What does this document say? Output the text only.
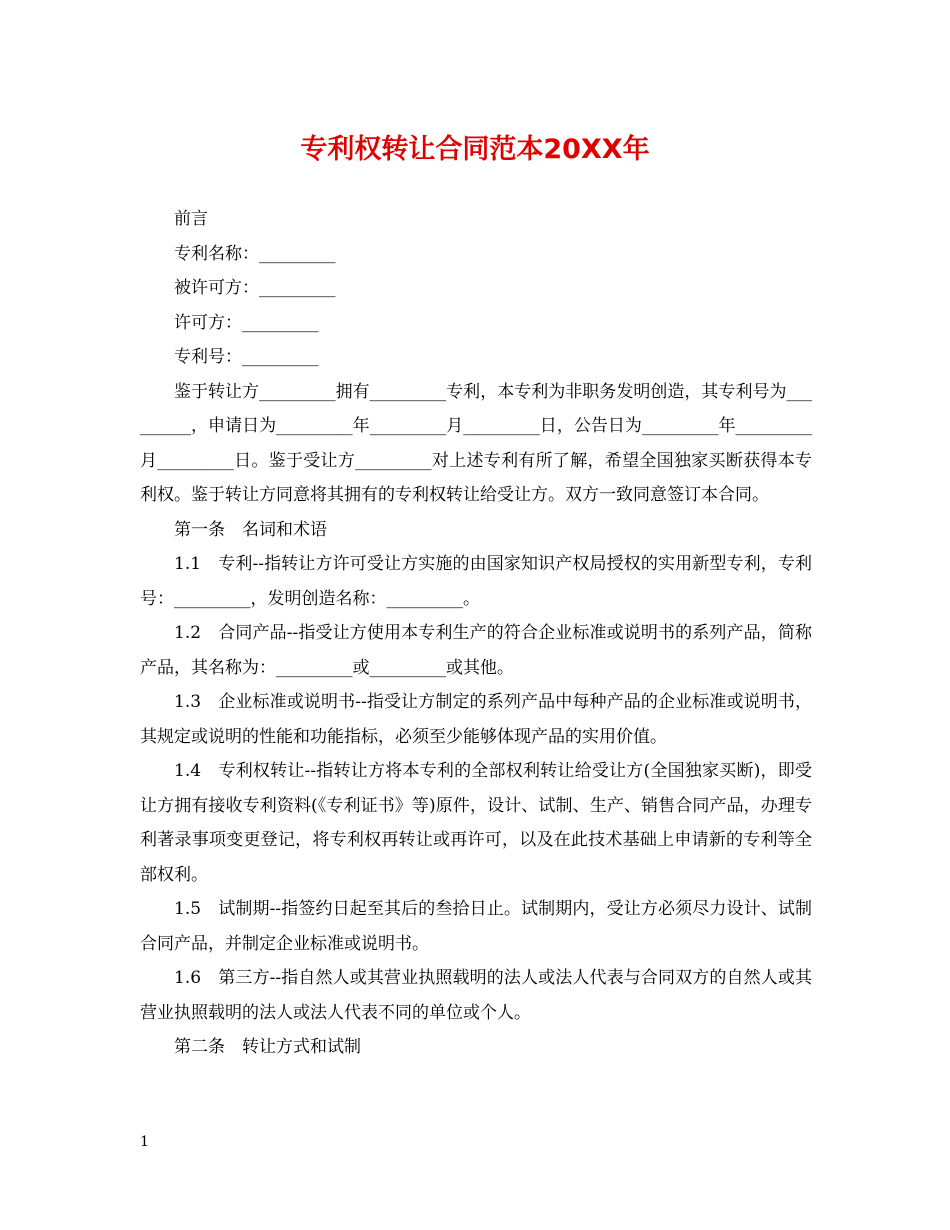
专利权转让合同范本20XX年

前言

专利名称：_________

被许可方：_________

许可方：_________

专利号：_________

鉴于转让方_________拥有_________专利，本专利为非职务发明创造，其专利号为_________，申请日为_________年_________月_________日，公告日为_________年_________月_________日。鉴于受让方_________对上述专利有所了解，希望全国独家买断获得本专利权。鉴于转让方同意将其拥有的专利权转让给受让方。双方一致同意签订本合同。

第一条　名词和术语

1.1　专利--指转让方许可受让方实施的由国家知识产权局授权的实用新型专利，专利号：_________，发明创造名称：_________。

1.2　合同产品--指受让方使用本专利生产的符合企业标准或说明书的系列产品，简称产品，其名称为：_________或_________或其他。

1.3　企业标准或说明书--指受让方制定的系列产品中每种产品的企业标准或说明书，其规定或说明的性能和功能指标，必须至少能够体现产品的实用价值。

1.4　专利权转让--指转让方将本专利的全部权利转让给受让方(全国独家买断)，即受让方拥有接收专利资料(《专利证书》等)原件，设计、试制、生产、销售合同产品，办理专利著录事项变更登记，将专利权再转让或再许可，以及在此技术基础上申请新的专利等全部权利。

1.5　试制期--指签约日起至其后的叁拾日止。试制期内，受让方必须尽力设计、试制合同产品，并制定企业标准或说明书。

1.6　第三方--指自然人或其营业执照载明的法人或法人代表与合同双方的自然人或其营业执照载明的法人或法人代表不同的单位或个人。

第二条　转让方式和试制

1
